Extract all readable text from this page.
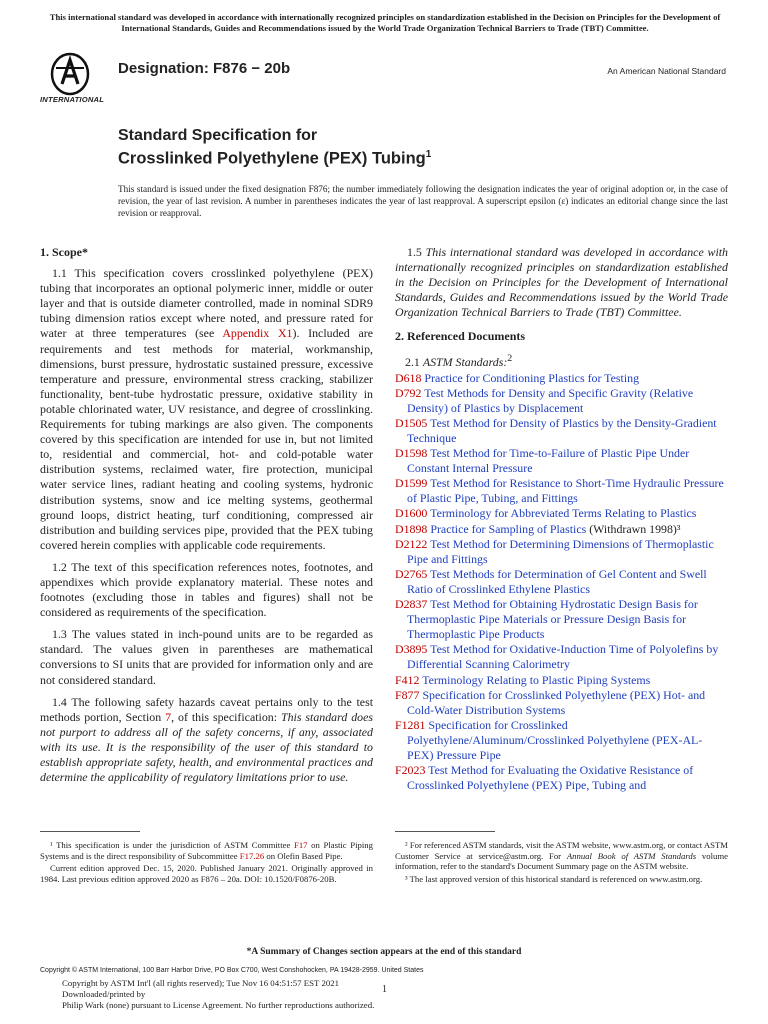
This international standard was developed in accordance with internationally recognized principles on standardization established in the Decision on Principles for the Development of International Standards, Guides and Recommendations issued by the World Trade Organization Technical Barriers to Trade (TBT) Committee.
INTERNATIONAL
Designation: F876 − 20b	An American National Standard
Standard Specification for
Crosslinked Polyethylene (PEX) Tubing$^1$
This standard is issued under the fixed designation F876; the number immediately following the designation indicates the year of original adoption or, in the case of revision, the year of last revision. A number in parentheses indicates the year of last reapproval. A superscript epsilon (ε) indicates an editorial change since the last revision or reapproval.
1. Scope*

1.1 This specification covers crosslinked polyethylene (PEX) tubing that incorporates an optional polymeric inner, middle or outer layer and that is outside diameter controlled, made in nominal SDR9 tubing dimension ratios except where noted, and pressure rated for water at three temperatures (see Appendix X1). Included are requirements and test methods for material, workmanship, dimensions, burst pressure, hydrostatic sustained pressure, excessive temperature and pressure, environmental stress cracking, stabilizer functionality, bent-tube hydrostatic pressure, oxidative stability in potable chlorinated water, UV resistance, and degree of crosslinking. Requirements for tubing markings are also given. The components covered by this specification are intended for use in, but not limited to, residential and commercial, hot- and cold-potable water distribution systems, reclaimed water, fire protection, municipal water service lines, radiant heating and cooling systems, hydronic distribution systems, snow and ice melting systems, geothermal ground loops, district heating, turf conditioning, compressed air distribution and building services pipe, provided that the PEX tubing covered herein complies with applicable code requirements.

1.2 The text of this specification references notes, footnotes, and appendixes which provide explanatory material. These notes and footnotes (excluding those in tables and figures) shall not be considered as requirements of the specification.

1.3 The values stated in inch-pound units are to be regarded as standard. The values given in parentheses are mathematical conversions to SI units that are provided for information only and are not considered standard.

1.4 The following safety hazards caveat pertains only to the test methods portion, Section 7, of this specification: This standard does not purport to address all of the safety concerns, if any, associated with its use. It is the responsibility of the user of this standard to establish appropriate safety, health, and environmental practices and determine the applicability of regulatory limitations prior to use.

1.5 This international standard was developed in accordance with internationally recognized principles on standardization established in the Decision on Principles for the Development of International Standards, Guides and Recommendations issued by the World Trade Organization Technical Barriers to Trade (TBT) Committee.

2. Referenced Documents
2.1 ASTM Standards:$^2$
D618 Practice for Conditioning Plastics for Testing
D792 Test Methods for Density and Specific Gravity (Relative Density) of Plastics by Displacement
D1505 Test Method for Density of Plastics by the Density-Gradient Technique
D1598 Test Method for Time-to-Failure of Plastic Pipe Under Constant Internal Pressure
D1599 Test Method for Resistance to Short-Time Hydraulic Pressure of Plastic Pipe, Tubing, and Fittings
D1600 Terminology for Abbreviated Terms Relating to Plastics
D1898 Practice for Sampling of Plastics (Withdrawn 1998)³
D2122 Test Method for Determining Dimensions of Thermoplastic Pipe and Fittings
D2765 Test Methods for Determination of Gel Content and Swell Ratio of Crosslinked Ethylene Plastics
D2837 Test Method for Obtaining Hydrostatic Design Basis for Thermoplastic Pipe Materials or Pressure Design Basis for Thermoplastic Pipe Products
D3895 Test Method for Oxidative-Induction Time of Polyolefins by Differential Scanning Calorimetry
F412 Terminology Relating to Plastic Piping Systems
F877 Specification for Crosslinked Polyethylene (PEX) Hot- and Cold-Water Distribution Systems
F1281 Specification for Crosslinked Polyethylene/Aluminum/Crosslinked Polyethylene (PEX-AL-PEX) Pressure Pipe
F2023 Test Method for Evaluating the Oxidative Resistance of Crosslinked Polyethylene (PEX) Pipe, Tubing and

¹ This specification is under the jurisdiction of ASTM Committee F17 on Plastic Piping Systems and is the direct responsibility of Subcommittee F17.26 on Olefin Based Pipe.

Current edition approved Dec. 15, 2020. Published January 2021. Originally approved in 1984. Last previous edition approved 2020 as F876 – 20a. DOI: 10.1520/F0876-20B.

² For referenced ASTM standards, visit the ASTM website, www.astm.org, or contact ASTM Customer Service at service@astm.org. For Annual Book of ASTM Standards volume information, refer to the standard's Document Summary page on the ASTM website.

³ The last approved version of this historical standard is referenced on www.astm.org.

*A Summary of Changes section appears at the end of this standard
Copyright © ASTM International, 100 Barr Harbor Drive, PO Box C700, West Conshohocken, PA 19428-2959. United States
Copyright by ASTM Int'l (all rights reserved); Tue Nov 16 04:51:57 EST 2021
Downloaded/printed by
Philip Wark (none) pursuant to License Agreement. No further reproductions authorized.
1
